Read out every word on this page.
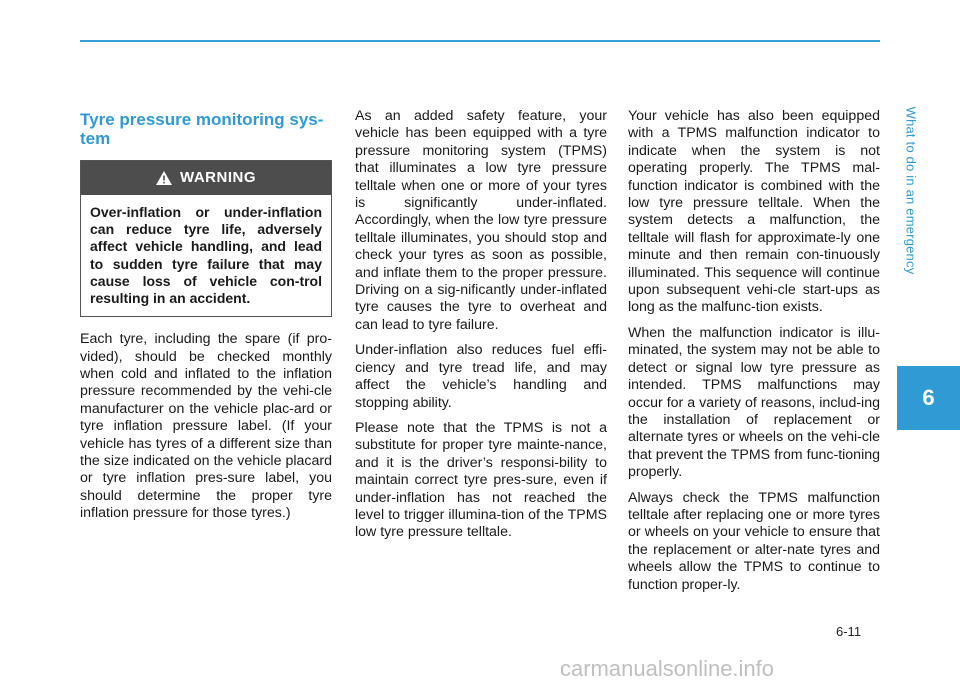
What to do in an emergency
6
Tyre pressure monitoring sys-tem
WARNING
Over-inflation or under-inflation can reduce tyre life, adversely affect vehicle handling, and lead to sudden tyre failure that may cause loss of vehicle con-trol resulting in an accident.

Each tyre, including the spare (if pro-vided), should be checked monthly when cold and inflated to the inflation pressure recommended by the vehi-cle manufacturer on the vehicle plac-ard or tyre inflation pressure label. (If your vehicle has tyres of a different size than the size indicated on the vehicle placard or tyre inflation pres-sure label, you should determine the proper tyre inflation pressure for those tyres.)

As an added safety feature, your vehicle has been equipped with a tyre pressure monitoring system (TPMS) that illuminates a low tyre pressure telltale when one or more of your tyres is significantly under-inflated. Accordingly, when the low tyre pressure telltale illuminates, you should stop and check your tyres as soon as possible, and inflate them to the proper pressure. Driving on a sig-nificantly under-inflated tyre causes the tyre to overheat and can lead to tyre failure.

Under-inflation also reduces fuel effi-ciency and tyre tread life, and may affect the vehicle’s handling and stopping ability.

Please note that the TPMS is not a substitute for proper tyre mainte-nance, and it is the driver’s responsi-bility to maintain correct tyre pres-sure, even if under-inflation has not reached the level to trigger illumina-tion of the TPMS low tyre pressure telltale.

Your vehicle has also been equipped with a TPMS malfunction indicator to indicate when the system is not operating properly. The TPMS mal-function indicator is combined with the low tyre pressure telltale. When the system detects a malfunction, the telltale will flash for approximate-ly one minute and then remain con-tinuously illuminated. This sequence will continue upon subsequent vehi-cle start-ups as long as the malfunc-tion exists.

When the malfunction indicator is illu-minated, the system may not be able to detect or signal low tyre pressure as intended. TPMS malfunctions may occur for a variety of reasons, includ-ing the installation of replacement or alternate tyres or wheels on the vehi-cle that prevent the TPMS from func-tioning properly.

Always check the TPMS malfunction telltale after replacing one or more tyres or wheels on your vehicle to ensure that the replacement or alter-nate tyres and wheels allow the TPMS to continue to function proper-ly.

6-11
carmanualsonline.info
